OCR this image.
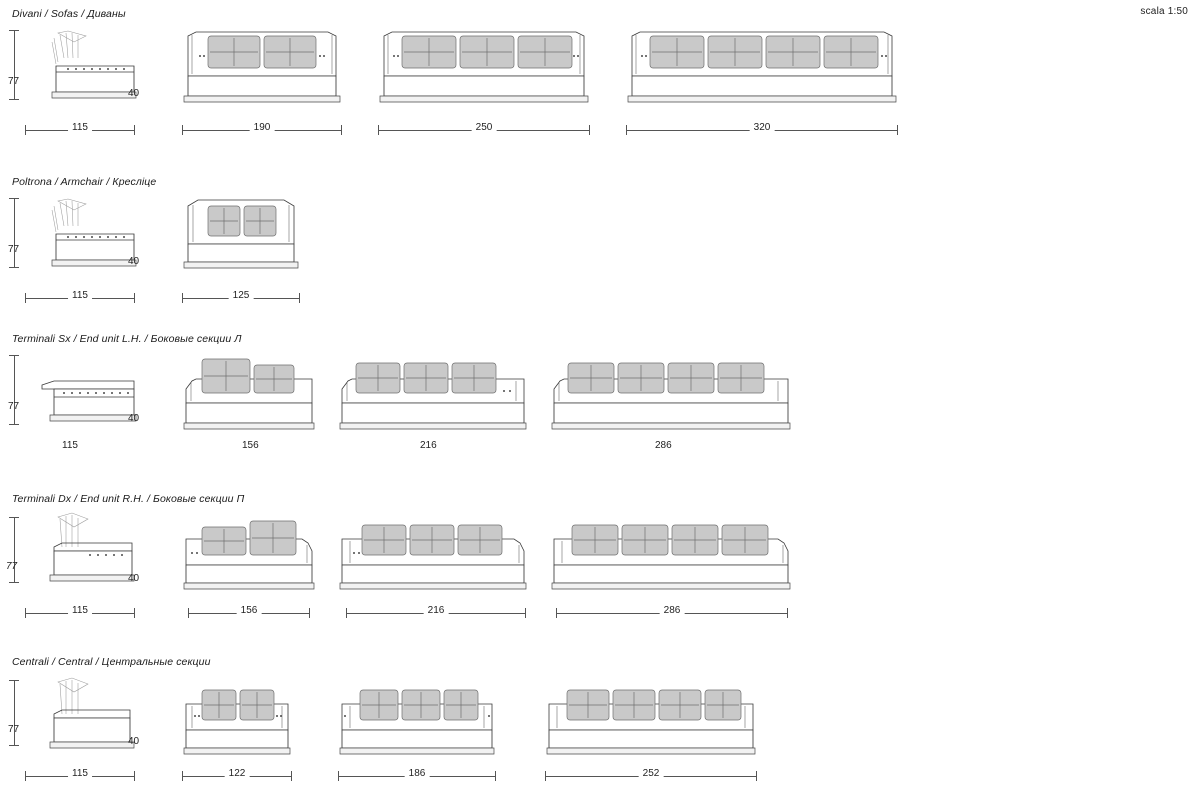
scala 1:50
Divani / Sofas / Диваны
77
40
115	190	250	320
Poltrona / Armchair / Кресліце
77
40
115	125
Terminali Sx / End unit L.H. / Боковые секции Л
77
40
115	156	216	286
Terminali Dx / End unit R.H. / Боковые секции П
77
40
115	156	216	286
Centrali / Central / Центральные секции
77
40
115	122	186	252
